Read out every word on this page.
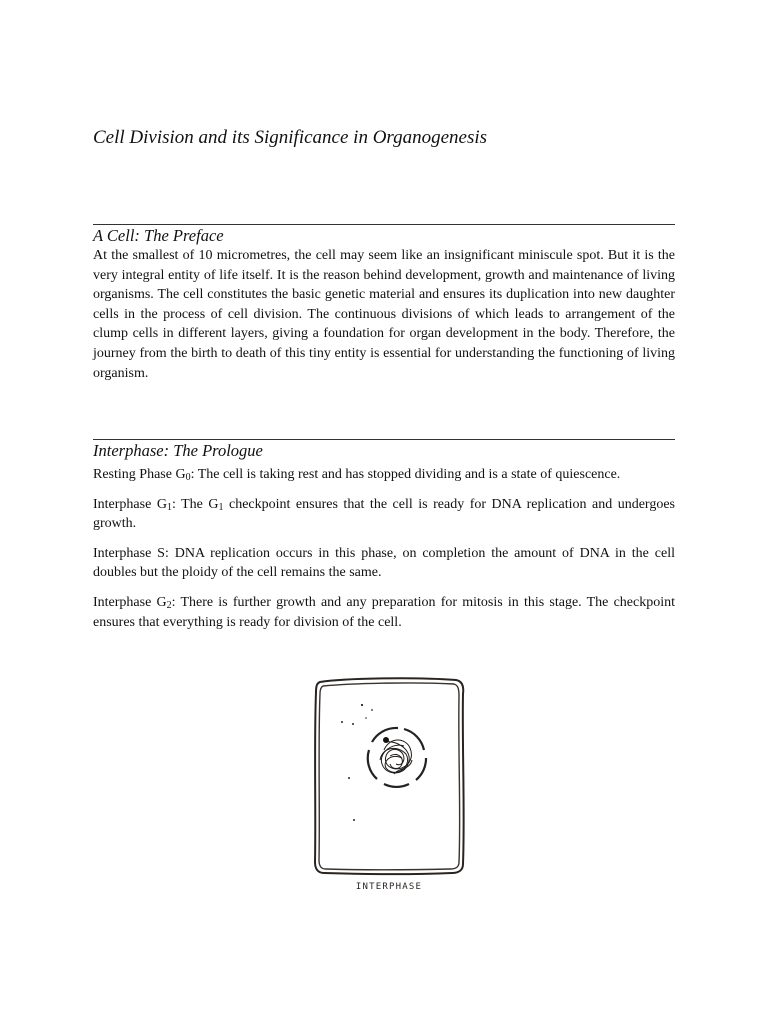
Cell Division and its Significance in Organogenesis
A Cell: The Preface

At the smallest of 10 micrometres, the cell may seem like an insignificant miniscule spot. But it is the very integral entity of life itself. It is the reason behind development, growth and maintenance of living organisms. The cell constitutes the basic genetic material and ensures its duplication into new daughter cells in the process of cell division. The continuous divisions of which leads to arrangement of the clump cells in different layers, giving a foundation for organ development in the body. Therefore, the journey from the birth to death of this tiny entity is essential for understanding the functioning of living organism.

Interphase: The Prologue

Resting Phase $G_0$: The cell is taking rest and has stopped dividing and is a state of quiescence.

Interphase $G_1$: The $G_1$ checkpoint ensures that the cell is ready for DNA replication and undergoes growth.

Interphase S: DNA replication occurs in this phase, on completion the amount of DNA in the cell doubles but the ploidy of the cell remains the same.

Interphase $G_2$: There is further growth and any preparation for mitosis in this stage. The checkpoint ensures that everything is ready for division of the cell.

INTERPHASE
